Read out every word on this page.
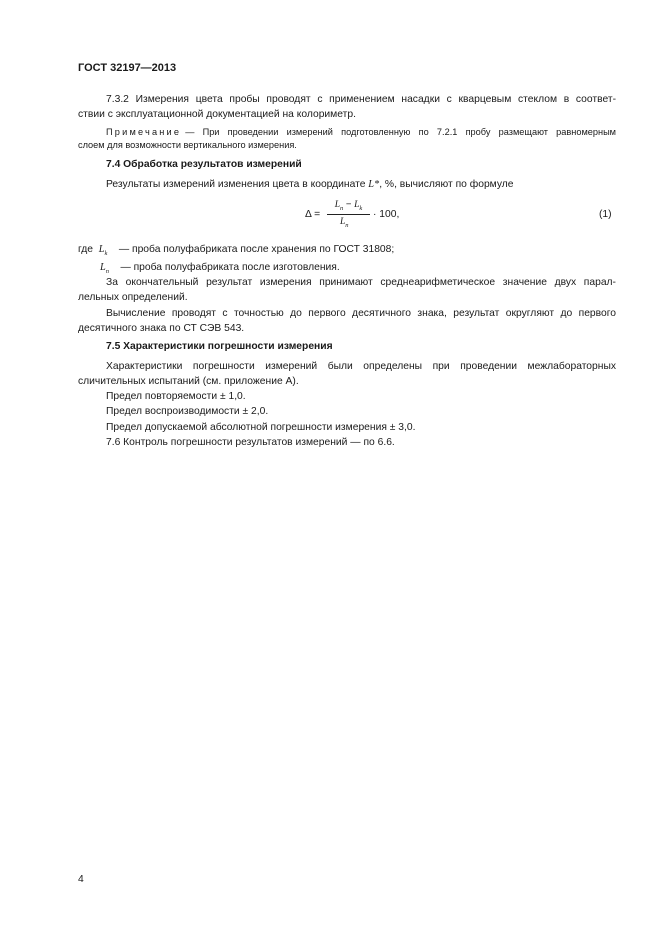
ГОСТ 32197—2013
7.3.2 Измерения цвета пробы проводят с применением насадки с кварцевым стеклом в соответ-
ствии с эксплуатационной документацией на колориметр.
Примечание — При проведении измерений подготовленную по 7.2.1 пробу размещают равномерным
слоем для возможности вертикального измерения.
7.4 Обработка результатов измерений
Результаты измерений изменения цвета в координате L*, %, вычисляют по формуле
Δ =
$L_n - L_k$
$L_n$
· 100,	(1)
где $L_k$ — проба полуфабриката после хранения по ГОСТ 31808;
$L_n$ — проба полуфабриката после изготовления.
За окончательный результат измерения принимают среднеарифметическое значение двух парал-
лельных определений.
Вычисление проводят с точностью до первого десятичного знака, результат округляют до первого
десятичного знака по СТ СЭВ 543.
7.5 Характеристики погрешности измерения
Характеристики погрешности измерений были определены при проведении межлабораторных
сличительных испытаний (см. приложение А).
Предел повторяемости ± 1,0.
Предел воспроизводимости ± 2,0.
Предел допускаемой абсолютной погрешности измерения ± 3,0.
7.6 Контроль погрешности результатов измерений — по 6.6.
4
